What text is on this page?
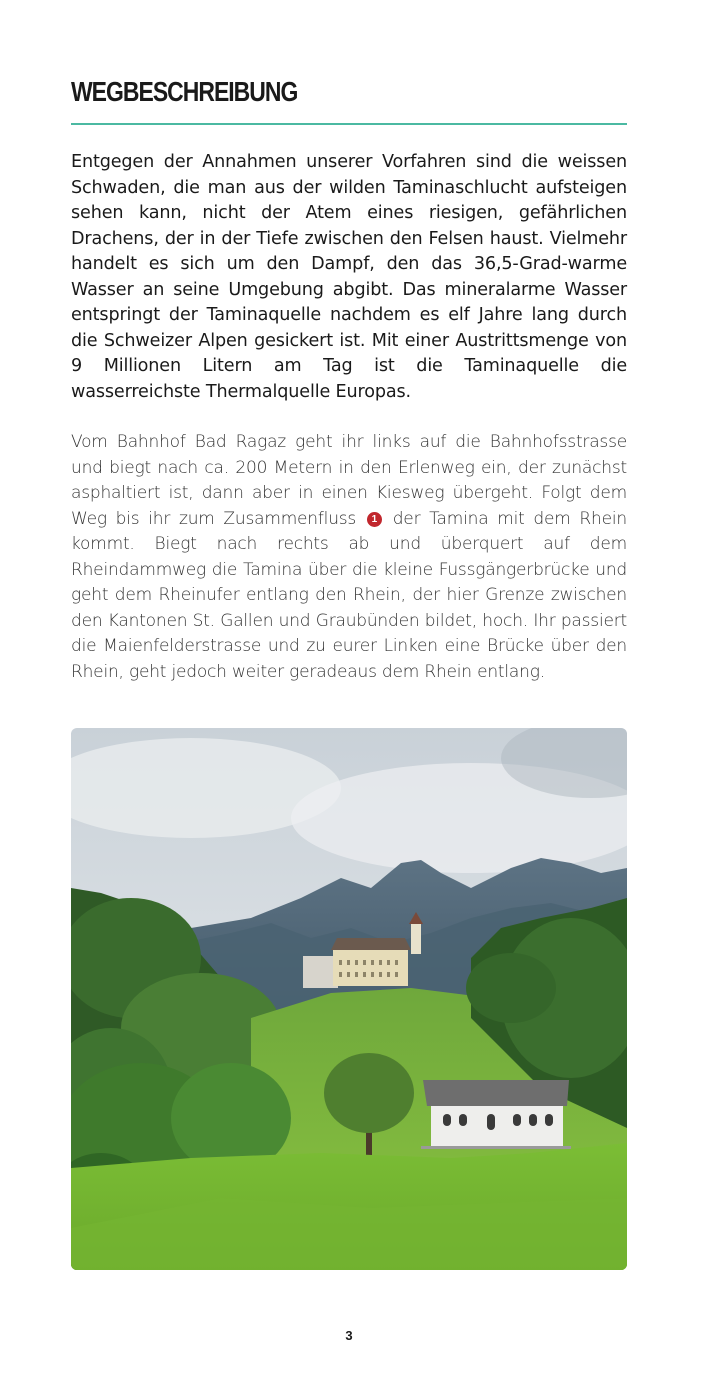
WEGBESCHREIBUNG

Entgegen der Annahmen unserer Vorfahren sind die weissen Schwaden, die man aus der wilden Taminaschlucht aufsteigen sehen kann, nicht der Atem eines riesigen, gefährlichen Drachens, der in der Tiefe zwischen den Felsen haust. Vielmehr handelt es sich um den Dampf, den das 36,5-Grad-warme Wasser an seine Umgebung abgibt. Das mineralarme Wasser entspringt der Taminaquelle nachdem es elf Jahre lang durch die Schweizer Alpen gesickert ist. Mit einer Austrittsmenge von 9 Millionen Litern am Tag ist die Taminaquelle die wasserreichste Thermalquelle Europas.

Vom Bahnhof Bad Ragaz geht ihr links auf die Bahnhofsstrasse und biegt nach ca. 200 Metern in den Erlenweg ein, der zunächst asphaltiert ist, dann aber in einen Kiesweg übergeht. Folgt dem Weg bis ihr zum Zusammenfluss 1 der Tamina mit dem Rhein kommt. Biegt nach rechts ab und überquert auf dem Rheindammweg die Tamina über die kleine Fussgängerbrücke und geht dem Rheinufer entlang den Rhein, der hier Grenze zwischen den Kantonen St. Gallen und Graubünden bildet, hoch. Ihr passiert die Maienfelderstrasse und zu eurer Linken eine Brücke über den Rhein, geht jedoch weiter geradeaus dem Rhein entlang.

3
